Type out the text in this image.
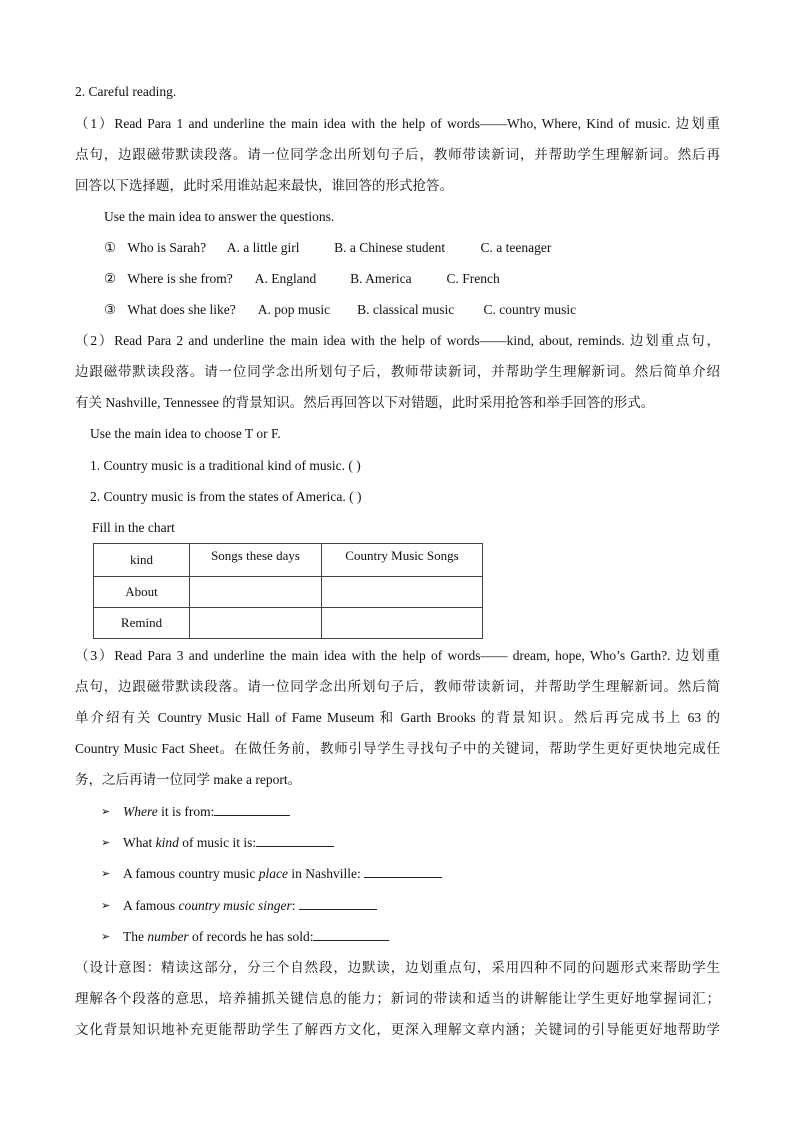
2. Careful reading.
（1）Read Para 1 and underline the main idea with the help of words——Who, Where, Kind of music. 边划重
点句，边跟磁带默读段落。请一位同学念出所划句子后，教师带读新词，并帮助学生理解新词。然后再
回答以下选择题，此时采用谁站起来最快，谁回答的形式抢答。
Use the main idea to answer the questions.
① Who is Sarah? A. a little girl	B. a Chinese student	C. a teenager
② Where is she from? A. England	B. America	C. French
③ What does she like? A. pop music B. classical music C. country music
（2）Read Para 2 and underline the main idea with the help of words——kind, about, reminds. 边划重点句，
边跟磁带默读段落。请一位同学念出所划句子后，教师带读新词，并帮助学生理解新词。然后简单介绍
有关 Nashville, Tennessee 的背景知识。然后再回答以下对错题，此时采用抢答和举手回答的形式。
Use the main idea to choose T or F.
1. Country music is a traditional kind of music. ( )
2. Country music is from the states of America. ( )
Fill in the chart
kind	Songs these days	Country Music Songs
About		
Remind		
（3）Read Para 3 and underline the main idea with the help of words—— dream, hope, Who’s Garth?. 边划重
点句，边跟磁带默读段落。请一位同学念出所划句子后，教师带读新词，并帮助学生理解新词。然后简
单介绍有关 Country Music Hall of Fame Museum 和 Garth Brooks 的背景知识。然后再完成书上 63 的
Country Music Fact Sheet。在做任务前，教师引导学生寻找句子中的关键词，帮助学生更好更快地完成任
务，之后再请一位同学 make a report。
➢ Where it is from:
➢ What kind of music it is:
➢ A famous country music place in Nashville:
➢ A famous country music singer:
➢ The number of records he has sold:
（设计意图：精读这部分，分三个自然段，边默读，边划重点句，采用四种不同的问题形式来帮助学生
理解各个段落的意思，培养捕抓关键信息的能力；新词的带读和适当的讲解能让学生更好地掌握词汇；
文化背景知识地补充更能帮助学生了解西方文化，更深入理解文章内涵；关键词的引导能更好地帮助学
